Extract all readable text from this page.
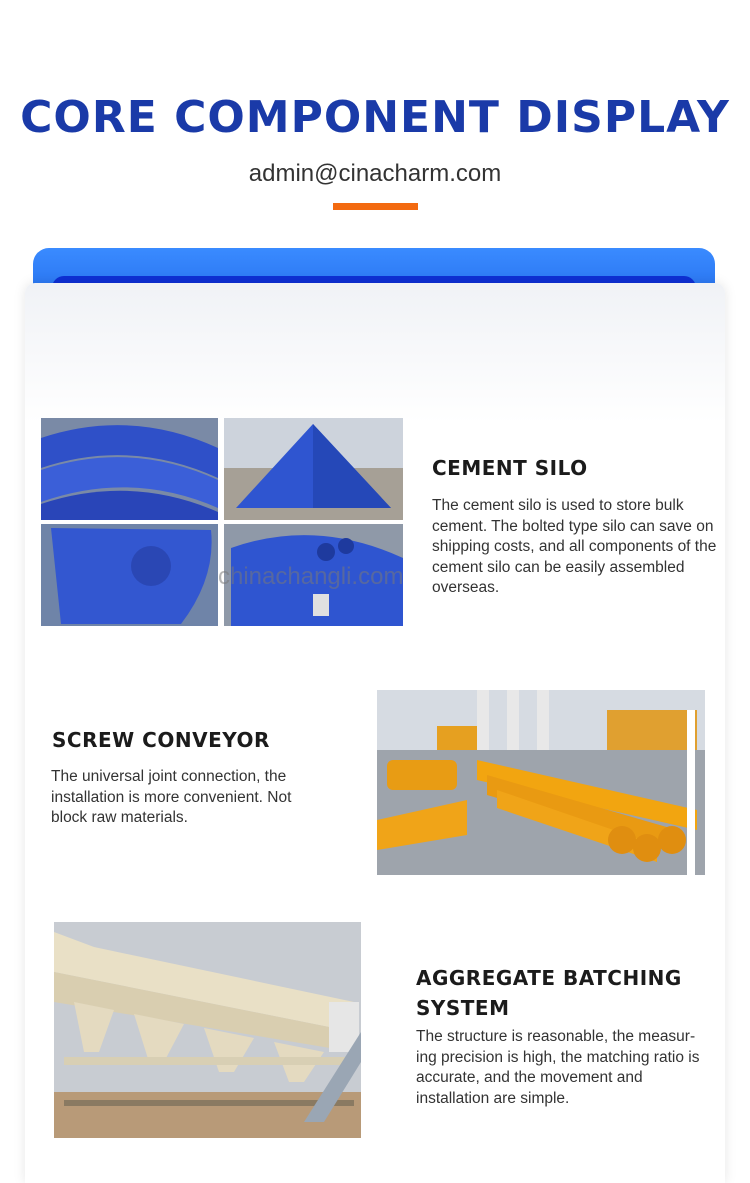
CORE COMPONENT DISPLAY
admin@cinacharm.com
CEMENT SILO
The cement silo is used to store bulk cement. The bolted type silo can save on shipping costs, and all components of the cement silo can be easily assembled overseas.
chinachangli.com
SCREW CONVEYOR
The universal joint connection, the installation is more convenient. Not block raw materials.
AGGREGATE BATCHING
SYSTEM
The structure is reasonable, the measur-ing precision is high, the matching ratio is accurate, and the movement and installation are simple.
